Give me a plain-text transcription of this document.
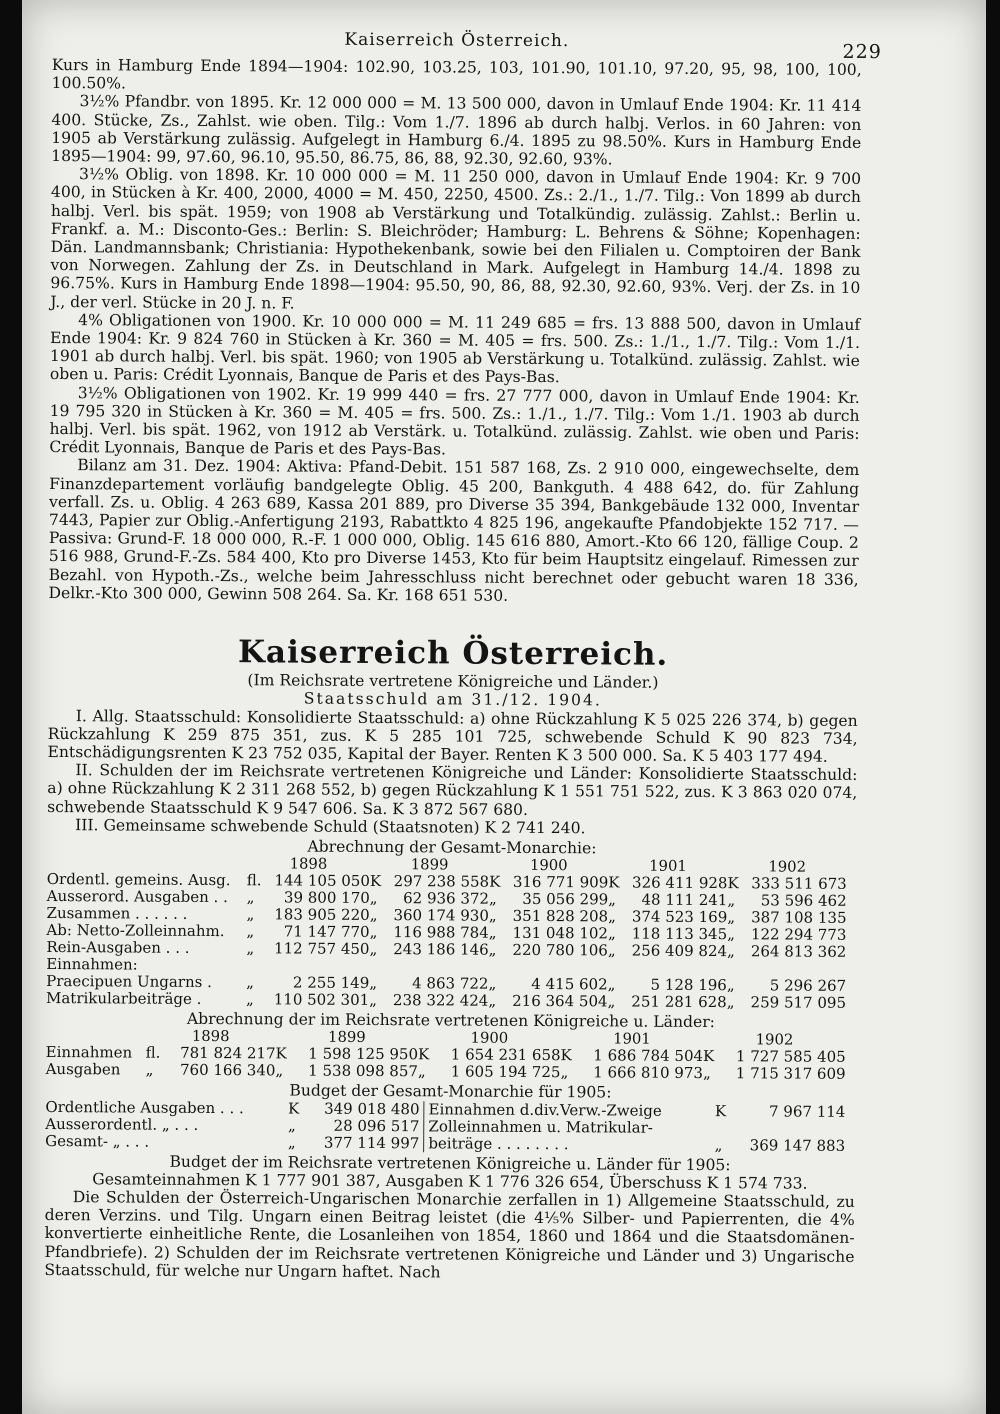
Kaiserreich Österreich.
229

Kurs in Hamburg Ende 1894—1904: 102.90, 103.25, 103, 101.90, 101.10, 97.20, 95, 98, 100, 100, 100.50%.

3½% Pfandbr. von 1895. Kr. 12 000 000 = M. 13 500 000, davon in Umlauf Ende 1904: Kr. 11 414 400. Stücke, Zs., Zahlst. wie oben. Tilg.: Vom 1./7. 1896 ab durch halbj. Verlos. in 60 Jahren: von 1905 ab Verstärkung zulässig. Aufgelegt in Hamburg 6./4. 1895 zu 98.50%. Kurs in Hamburg Ende 1895—1904: 99, 97.60, 96.10, 95.50, 86.75, 86, 88, 92.30, 92.60, 93%.

3½% Oblig. von 1898. Kr. 10 000 000 = M. 11 250 000, davon in Umlauf Ende 1904: Kr. 9 700 400, in Stücken à Kr. 400, 2000, 4000 = M. 450, 2250, 4500. Zs.: 2./1., 1./7. Tilg.: Von 1899 ab durch halbj. Verl. bis spät. 1959; von 1908 ab Verstärkung und Totalkündig. zulässig. Zahlst.: Berlin u. Frankf. a. M.: Disconto-Ges.: Berlin: S. Bleichröder; Hamburg: L. Behrens & Söhne; Kopenhagen: Dän. Landmannsbank; Christiania: Hypothekenbank, sowie bei den Filialen u. Comptoiren der Bank von Norwegen. Zahlung der Zs. in Deutschland in Mark. Aufgelegt in Hamburg 14./4. 1898 zu 96.75%. Kurs in Hamburg Ende 1898—1904: 95.50, 90, 86, 88, 92.30, 92.60, 93%. Verj. der Zs. in 10 J., der verl. Stücke in 20 J. n. F.

4% Obligationen von 1900. Kr. 10 000 000 = M. 11 249 685 = frs. 13 888 500, davon in Umlauf Ende 1904: Kr. 9 824 760 in Stücken à Kr. 360 = M. 405 = frs. 500. Zs.: 1./1., 1./7. Tilg.: Vom 1./1. 1901 ab durch halbj. Verl. bis spät. 1960; von 1905 ab Verstärkung u. Totalkünd. zulässig. Zahlst. wie oben u. Paris: Crédit Lyonnais, Banque de Paris et des Pays-Bas.

3½% Obligationen von 1902. Kr. 19 999 440 = frs. 27 777 000, davon in Umlauf Ende 1904: Kr. 19 795 320 in Stücken à Kr. 360 = M. 405 = frs. 500. Zs.: 1./1., 1./7. Tilg.: Vom 1./1. 1903 ab durch halbj. Verl. bis spät. 1962, von 1912 ab Verstärk. u. Totalkünd. zulässig. Zahlst. wie oben und Paris: Crédit Lyonnais, Banque de Paris et des Pays-Bas.

Bilanz am 31. Dez. 1904: Aktiva: Pfand-Debit. 151 587 168, Zs. 2 910 000, eingewechselte, dem Finanzdepartement vorläufig bandgelegte Oblig. 45 200, Bankguth. 4 488 642, do. für Zahlung verfall. Zs. u. Oblig. 4 263 689, Kassa 201 889, pro Diverse 35 394, Bankgebäude 132 000, Inventar 7443, Papier zur Oblig.-Anfertigung 2193, Rabattkto 4 825 196, angekaufte Pfandobjekte 152 717. — Passiva: Grund-F. 18 000 000, R.-F. 1 000 000, Oblig. 145 616 880, Amort.-Kto 66 120, fällige Coup. 2 516 988, Grund-F.-Zs. 584 400, Kto pro Diverse 1453, Kto für beim Hauptsitz eingelauf. Rimessen zur Bezahl. von Hypoth.-Zs., welche beim Jahresschluss nicht berechnet oder gebucht waren 18 336, Delkr.-Kto 300 000, Gewinn 508 264. Sa. Kr. 168 651 530.

Kaiserreich Österreich.
(Im Reichsrate vertretene Königreiche und Länder.)
Staatsschuld am 31./12. 1904.

I. Allg. Staatsschuld: Konsolidierte Staatsschuld: a) ohne Rückzahlung K 5 025 226 374, b) gegen Rückzahlung K 259 875 351, zus. K 5 285 101 725, schwebende Schuld K 90 823 734, Entschädigungsrenten K 23 752 035, Kapital der Bayer. Renten K 3 500 000. Sa. K 5 403 177 494.

II. Schulden der im Reichsrate vertretenen Königreiche und Länder: Konsolidierte Staatsschuld: a) ohne Rückzahlung K 2 311 268 552, b) gegen Rückzahlung K 1 551 751 522, zus. K 3 863 020 074, schwebende Staatsschuld K 9 547 606. Sa. K 3 872 567 680.

III. Gemeinsame schwebende Schuld (Staatsnoten) K 2 741 240.

Abrechnung der Gesamt-Monarchie:
	1898		1899		1900		1901		1902	
Ordentl. gemeins. Ausg.	fl.	144 105 050	K	297 238 558	K	316 771 909	K	326 411 928	K	333 511 673
Ausserord. Ausgaben . .	„	39 800 170	„	62 936 372	„	35 056 299	„	48 111 241	„	53 596 462
Zusammen . . . . . .	„	183 905 220	„	360 174 930	„	351 828 208	„	374 523 169	„	387 108 135
Ab: Netto-Zolleinnahm.	„	71 147 770	„	116 988 784	„	131 048 102	„	118 113 345	„	122 294 773
Rein-Ausgaben . . .	„	112 757 450	„	243 186 146	„	220 780 106	„	256 409 824	„	264 813 362
Einnahmen:										
Praecipuen Ungarns .	„	2 255 149	„	4 863 722	„	4 415 602	„	5 128 196	„	5 296 267
Matrikularbeiträge .	„	110 502 301	„	238 322 424	„	216 364 504	„	251 281 628	„	259 517 095
Abrechnung der im Reichsrate vertretenen Königreiche u. Länder:
	1898		1899		1900		1901		1902	
Einnahmen	fl.	781 824 217	K	1 598 125 950	K	1 654 231 658	K	1 686 784 504	K	1 727 585 405
Ausgaben	„	760 166 340	„	1 538 098 857	„	1 605 194 725	„	1 666 810 973	„	1 715 317 609
Budget der Gesamt-Monarchie für 1905:
Ordentliche Ausgaben . . .	K	349 018 480	Einnahmen d.div.Verw.-Zweige	K	7 967 114
Ausserordentl. „ . . .	„	28 096 517	Zolleinnahmen u. Matrikular-		
Gesamt- „ . . .	„	377 114 997	beiträge . . . . . . . .	„	369 147 883
Budget der im Reichsrate vertretenen Königreiche u. Länder für 1905:
Gesamteinnahmen K 1 777 901 387, Ausgaben K 1 776 326 654, Überschuss K 1 574 733.

Die Schulden der Österreich-Ungarischen Monarchie zerfallen in 1) Allgemeine Staatsschuld, zu deren Verzins. und Tilg. Ungarn einen Beitrag leistet (die 4⅕% Silber- und Papierrenten, die 4% konvertierte einheitliche Rente, die Losanleihen von 1854, 1860 und 1864 und die Staatsdomänen-Pfandbriefe). 2) Schulden der im Reichsrate vertretenen Königreiche und Länder und 3) Ungarische Staatsschuld, für welche nur Ungarn haftet. Nach
